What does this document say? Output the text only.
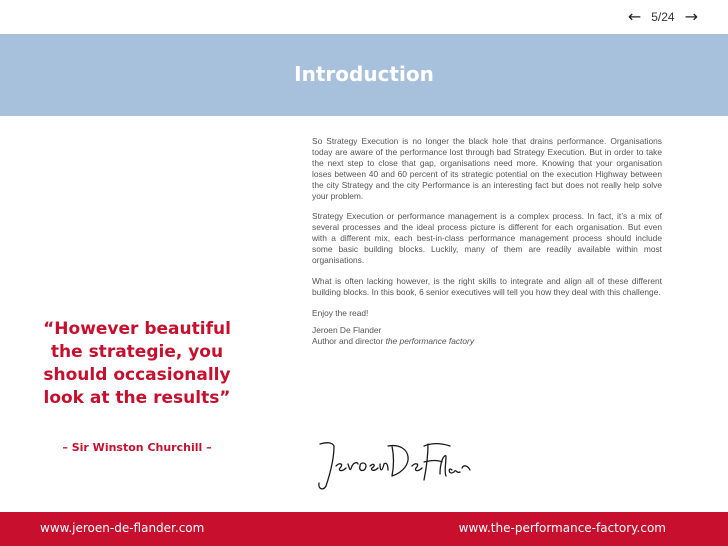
← 5/24 →
Introduction
“However beautiful
the strategie, you
should occasionally
look at the results”
– Sir Winston Churchill –

So Strategy Execution is no longer the black hole that drains performance. Organisations today are aware of the performance lost through bad Strategy Execution. But in order to take the next step to close that gap, organisations need more. Knowing that your organisation loses between 40 and 60 percent of its strategic potential on the execution Highway between the city Strategy and the city Performance is an interesting fact but does not really help solve your problem.

Strategy Execution or performance management is a complex process. In fact, it’s a mix of several processes and the ideal process picture is different for each organisation. But even with a different mix, each best-in-class performance management process should include some basic building blocks. Luckily, many of them are readily available within most organisations.

What is often lacking however, is the right skills to integrate and align all of these different building blocks. In this book, 6 senior executives will tell you how they deal with this challenge.

Enjoy the read!

Jeroen De Flander

Author and director the performance factory

www.jeroen-de-flander.com	www.the-performance-factory.com
